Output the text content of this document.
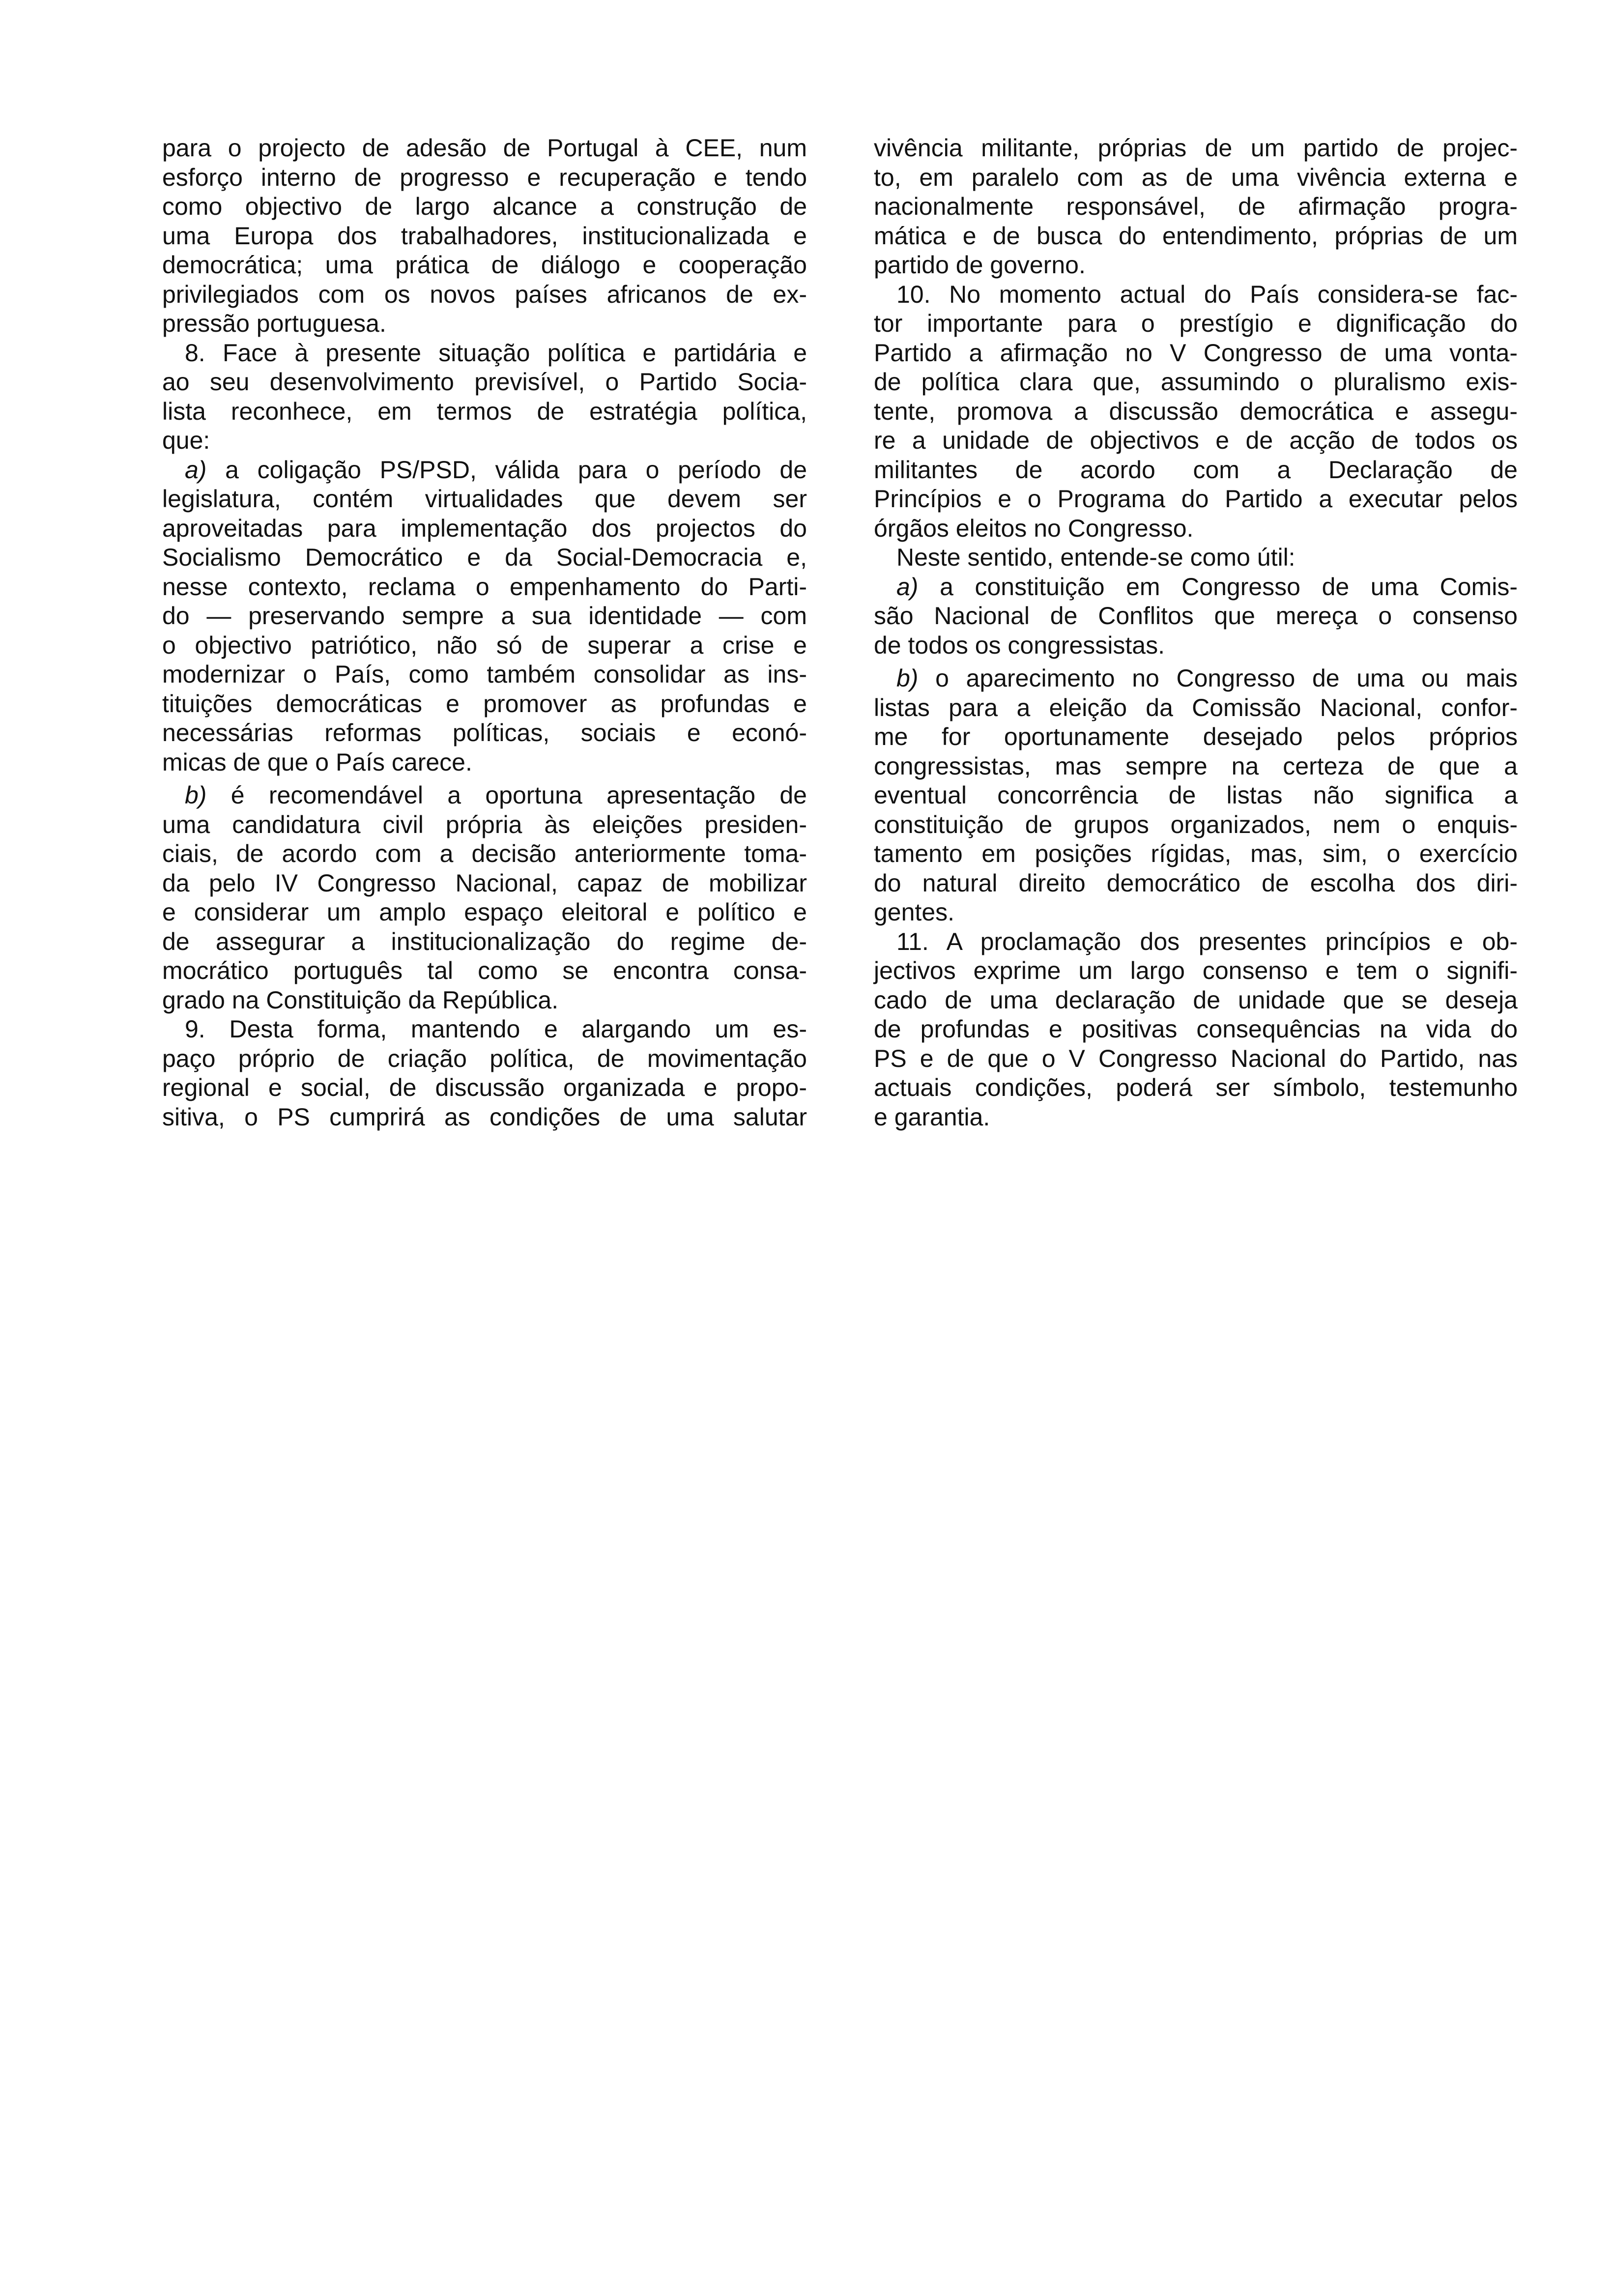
para o projecto de adesão de Portugal à CEE, num
esforço interno de progresso e recuperação e tendo
como objectivo de largo alcance a construção de
uma Europa dos trabalhadores, institucionalizada e
democrática; uma prática de diálogo e cooperação
privilegiados com os novos países africanos de ex-
pressão portuguesa.
8. Face à presente situação política e partidária e
ao seu desenvolvimento previsível, o Partido Socia-
lista reconhece, em termos de estratégia política,
que:
a) a coligação PS/PSD, válida para o período de
legislatura, contém virtualidades que devem ser
aproveitadas para implementação dos projectos do
Socialismo Democrático e da Social-Democracia e,
nesse contexto, reclama o empenhamento do Parti-
do — preservando sempre a sua identidade — com
o objectivo patriótico, não só de superar a crise e
modernizar o País, como também consolidar as ins-
tituições democráticas e promover as profundas e
necessárias reformas políticas, sociais e econó-
micas de que o País carece.
b) é recomendável a oportuna apresentação de
uma candidatura civil própria às eleições presiden-
ciais, de acordo com a decisão anteriormente toma-
da pelo IV Congresso Nacional, capaz de mobilizar
e considerar um amplo espaço eleitoral e político e
de assegurar a institucionalização do regime de-
mocrático português tal como se encontra consa-
grado na Constituição da República.
9. Desta forma, mantendo e alargando um es-
paço próprio de criação política, de movimentação
regional e social, de discussão organizada e propo-
sitiva, o PS cumprirá as condições de uma salutar
vivência militante, próprias de um partido de projec-
to, em paralelo com as de uma vivência externa e
nacionalmente responsável, de afirmação progra-
mática e de busca do entendimento, próprias de um
partido de governo.
10. No momento actual do País considera-se fac-
tor importante para o prestígio e dignificação do
Partido a afirmação no V Congresso de uma vonta-
de política clara que, assumindo o pluralismo exis-
tente, promova a discussão democrática e assegu-
re a unidade de objectivos e de acção de todos os
militantes de acordo com a Declaração de
Princípios e o Programa do Partido a executar pelos
órgãos eleitos no Congresso.
Neste sentido, entende-se como útil:
a) a constituição em Congresso de uma Comis-
são Nacional de Conflitos que mereça o consenso
de todos os congressistas.
b) o aparecimento no Congresso de uma ou mais
listas para a eleição da Comissão Nacional, confor-
me for oportunamente desejado pelos próprios
congressistas, mas sempre na certeza de que a
eventual concorrência de listas não significa a
constituição de grupos organizados, nem o enquis-
tamento em posições rígidas, mas, sim, o exercício
do natural direito democrático de escolha dos diri-
gentes.
11. A proclamação dos presentes princípios e ob-
jectivos exprime um largo consenso e tem o signifi-
cado de uma declaração de unidade que se deseja
de profundas e positivas consequências na vida do
PS e de que o V Congresso Nacional do Partido, nas
actuais condições, poderá ser símbolo, testemunho
e garantia.
